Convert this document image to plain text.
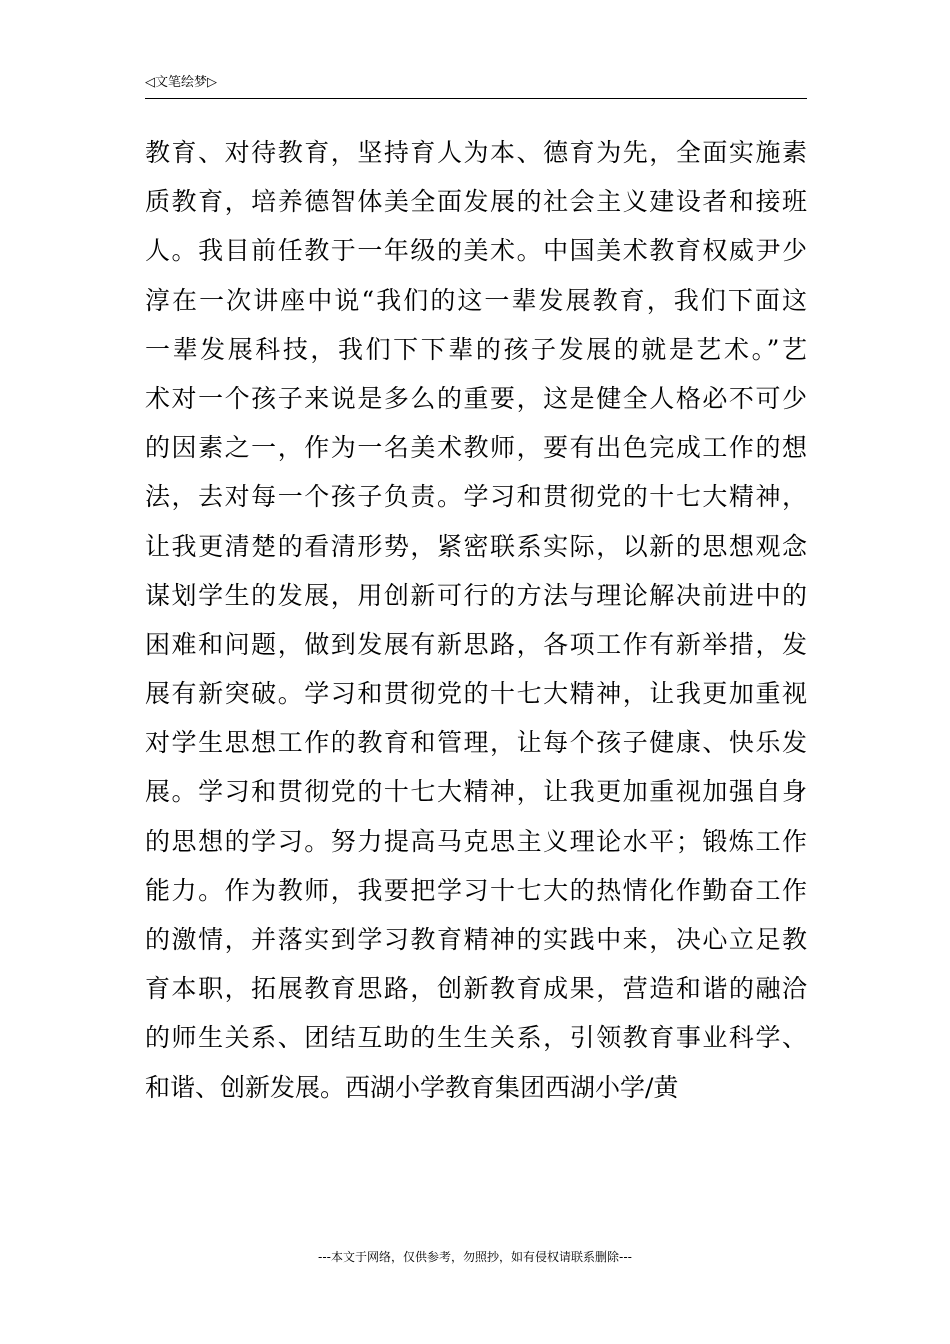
◁文笔绘梦▷
教育、对待教育，坚持育人为本、德育为先，全面实施素
质教育，培养德智体美全面发展的社会主义建设者和接班
人。我目前任教于一年级的美术。中国美术教育权威尹少
淳在一次讲座中说“我们的这一辈发展教育，我们下面这
一辈发展科技，我们下下辈的孩子发展的就是艺术。”艺
术对一个孩子来说是多么的重要，这是健全人格必不可少
的因素之一，作为一名美术教师，要有出色完成工作的想
法，去对每一个孩子负责。学习和贯彻党的十七大精神，
让我更清楚的看清形势，紧密联系实际，以新的思想观念
谋划学生的发展，用创新可行的方法与理论解决前进中的
困难和问题，做到发展有新思路，各项工作有新举措，发
展有新突破。学习和贯彻党的十七大精神，让我更加重视
对学生思想工作的教育和管理，让每个孩子健康、快乐发
展。学习和贯彻党的十七大精神，让我更加重视加强自身
的思想的学习。努力提高马克思主义理论水平；锻炼工作
能力。作为教师，我要把学习十七大的热情化作勤奋工作
的激情，并落实到学习教育精神的实践中来，决心立足教
育本职，拓展教育思路，创新教育成果，营造和谐的融洽
的师生关系、团结互助的生生关系，引领教育事业科学、
和谐、创新发展。西湖小学教育集团西湖小学/黄
---本文于网络，仅供参考，勿照抄，如有侵权请联系删除---
